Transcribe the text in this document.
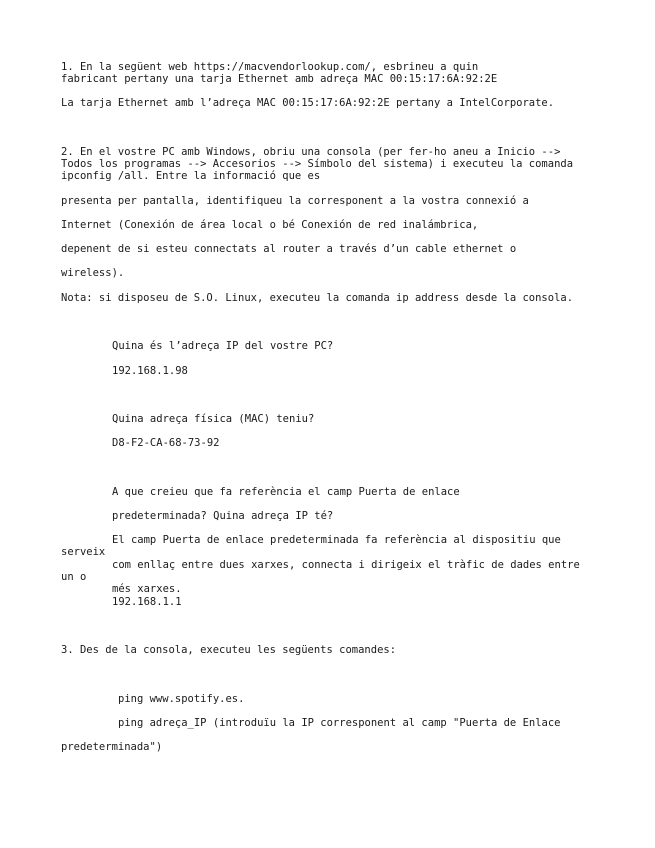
1. En la següent web https://macvendorlookup.com/, esbrineu a quin
fabricant pertany una tarja Ethernet amb adreça MAC 00:15:17:6A:92:2E
La tarja Ethernet amb l’adreça MAC 00:15:17:6A:92:2E pertany a IntelCorporate.
2. En el vostre PC amb Windows, obriu una consola (per fer-ho aneu a Inicio -->
Todos los programas --> Accesorios --> Símbolo del sistema) i executeu la comanda
ipconfig /all. Entre la informació que es
presenta per pantalla, identifiqueu la corresponent a la vostra connexió a
Internet (Conexión de área local o bé Conexión de red inalámbrica,
depenent de si esteu connectats al router a través d’un cable ethernet o
wireless).
Nota: si disposeu de S.O. Linux, executeu la comanda ip address desde la consola.
Quina és l’adreça IP del vostre PC?
192.168.1.98
Quina adreça física (MAC) teniu?
D8-F2-CA-68-73-92
A que creieu que fa referència el camp Puerta de enlace
predeterminada? Quina adreça IP té?
El camp Puerta de enlace predeterminada fa referència al dispositiu que
serveix
com enllaç entre dues xarxes, connecta i dirigeix el tràfic de dades entre
un o
més xarxes.
192.168.1.1
3. Des de la consola, executeu les següents comandes:
ping www.spotify.es.
ping adreça_IP (introduïu la IP corresponent al camp "Puerta de Enlace
predeterminada")
